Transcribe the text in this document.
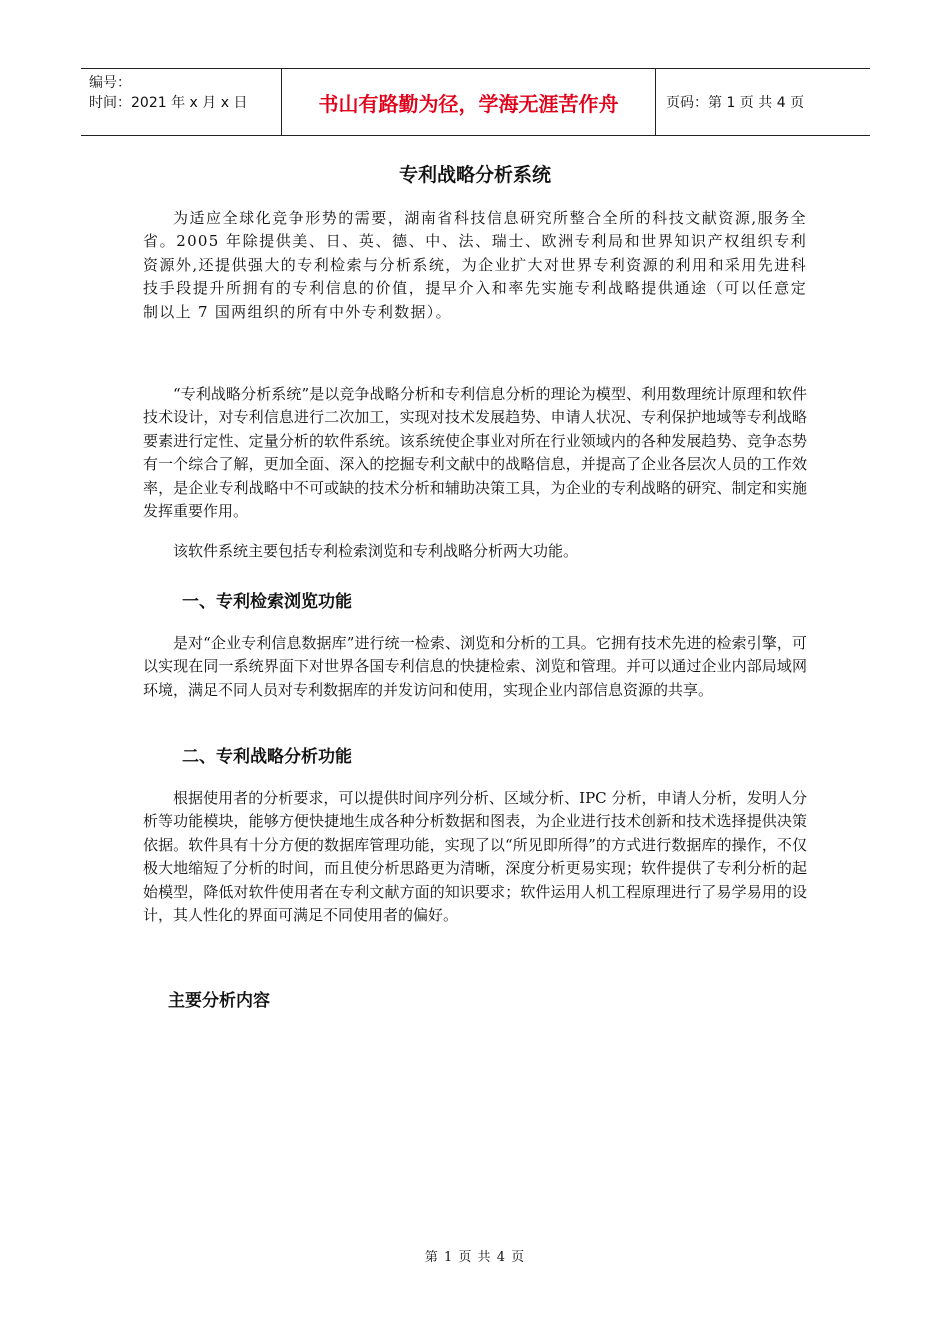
编号：
时间：2021 年 x 月 x 日	书山有路勤为径，学海无涯苦作舟	页码：第 1 页 共 4 页
专利战略分析系统

为适应全球化竞争形势的需要，湖南省科技信息研究所整合全所的科技文献资源,服务全省。2005 年除提供美、日、英、德、中、法、瑞士、欧洲专利局和世界知识产权组织专利资源外,还提供强大的专利检索与分析系统，为企业扩大对世界专利资源的利用和采用先进科技手段提升所拥有的专利信息的价值，提早介入和率先实施专利战略提供通途（可以任意定制以上 7 国两组织的所有中外专利数据）。

“专利战略分析系统”是以竞争战略分析和专利信息分析的理论为模型、利用数理统计原理和软件技术设计，对专利信息进行二次加工，实现对技术发展趋势、申请人状况、专利保护地域等专利战略要素进行定性、定量分析的软件系统。该系统使企事业对所在行业领域内的各种发展趋势、竞争态势有一个综合了解，更加全面、深入的挖掘专利文献中的战略信息，并提高了企业各层次人员的工作效率，是企业专利战略中不可或缺的技术分析和辅助决策工具，为企业的专利战略的研究、制定和实施发挥重要作用。

该软件系统主要包括专利检索浏览和专利战略分析两大功能。

一、专利检索浏览功能

是对“企业专利信息数据库”进行统一检索、浏览和分析的工具。它拥有技术先进的检索引擎，可以实现在同一系统界面下对世界各国专利信息的快捷检索、浏览和管理。并可以通过企业内部局域网环境，满足不同人员对专利数据库的并发访问和使用，实现企业内部信息资源的共享。

二、专利战略分析功能

根据使用者的分析要求，可以提供时间序列分析、区域分析、IPC 分析，申请人分析，发明人分析等功能模块，能够方便快捷地生成各种分析数据和图表，为企业进行技术创新和技术选择提供决策依据。软件具有十分方便的数据库管理功能，实现了以“所见即所得”的方式进行数据库的操作，不仅极大地缩短了分析的时间，而且使分析思路更为清晰，深度分析更易实现；软件提供了专利分析的起始模型，降低对软件使用者在专利文献方面的知识要求；软件运用人机工程原理进行了易学易用的设计，其人性化的界面可满足不同使用者的偏好。

主要分析内容
第 1 页 共 4 页
